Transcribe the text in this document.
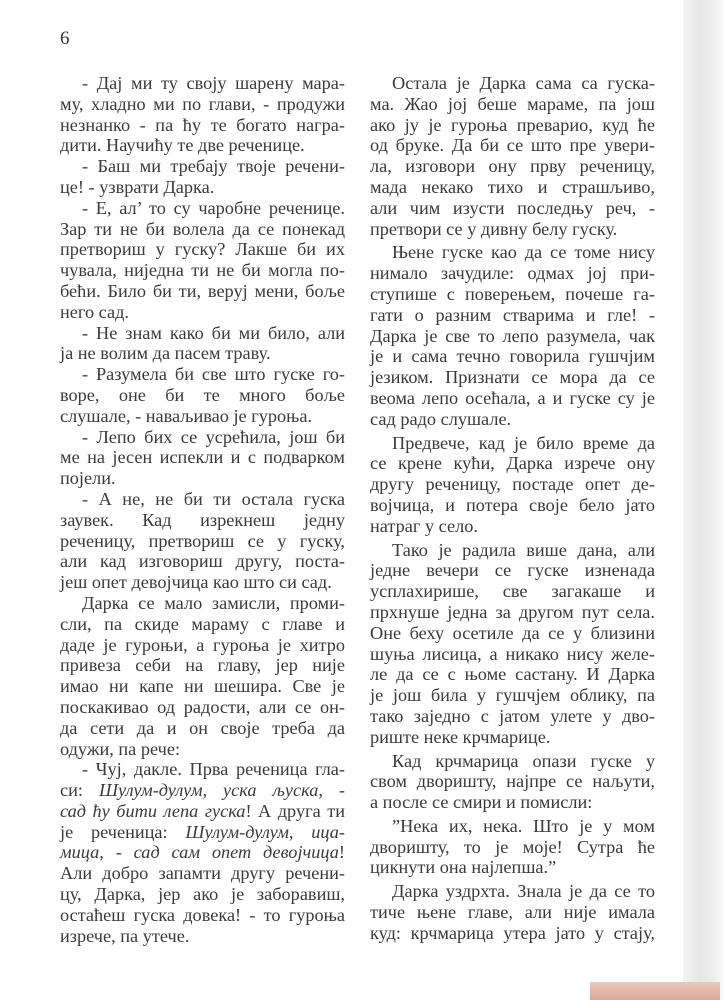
6
- Дај ми ту своју шарену мара-
му, хладно ми по глави, - продужи
незнанко - па ћу те богато награ-
дити. Научићу те две реченице.
- Баш ми требају твоје речени-
це! - узврати Дарка.
- Е, ал’ то су чаробне реченице.
Зар ти не би волела да се понекад
претвориш у гуску? Лакше би их
чувала, ниједна ти не би могла по-
бећи. Било би ти, веруј мени, боље
него сад.
- Не знам како би ми било, али
ја не волим да пасем траву.
- Разумела би све што гуске го-
воре, оне би те много боље
слушале, - наваљивао је гуроња.
- Лепо бих се усрећила, још би
ме на јесен испекли и с подварком
појели.
- А не, не би ти остала гуска
заувек. Кад изрекнеш једну
реченицу, претвориш се у гуску,
али кад изговориш другу, поста-
јеш опет девојчица као што си сад.
Дарка се мало замисли, проми-
сли, па скиде мараму с главе и
даде је гуроњи, а гуроња је хитро
привеза себи на главу, јер није
имао ни капе ни шешира. Све је
поскакивао од радости, али се он-
да сети да и он своје треба да
одужи, па рече:
- Чуј, дакле. Прва реченица гла-
си: Шулум-дулум, уска љуска, -
сад ћу бити лепа гуска! А друга ти
је реченица: Шулум-дулум, ица-
мица, - сад сам опет девојчица!
Али добро запамти другу речени-
цу, Дарка, јер ако је заборавиш,
остаћеш гуска довека! - то гуроња
изрече, па утече.
Остала је Дарка сама са гуска-
ма. Жао јој беше мараме, па још
ако ју је гуроња преварио, куд ће
од бруке. Да би се што пре увери-
ла, изговори ону прву реченицу,
мада некако тихо и страшљиво,
али чим изусти последњу реч, -
претвори се у дивну белу гуску.
Њене гуске као да се томе нису
нимало зачудиле: одмах јој при-
ступише с поверењем, почеше га-
гати о разним стварима и гле! -
Дарка је све то лепо разумела, чак
је и сама течно говорила гушчјим
језиком. Признати се мора да се
веома лепо осећала, а и гуске су је
сад радо слушале.
Предвече, кад је било време да
се крене кући, Дарка изрече ону
другу реченицу, постаде опет де-
војчица, и потера своје бело јато
натраг у село.
Тако је радила више дана, али
једне вечери се гуске изненада
усплахирише, све загакаше и
прхнуше једна за другом пут села.
Оне беху осетиле да се у близини
шуња лисица, а никако нису желе-
ле да се с њоме састану. И Дарка
је још била у гушчјем облику, па
тако заједно с јатом улете у дво-
риште неке крчмарице.
Кад крчмарица опази гуске у
свом дворишту, најпре се наљути,
а после се смири и помисли:
”Нека их, нека. Што је у мом
дворишту, то је моје! Сутра ће
цикнути она најлепша.”
Дарка уздрхта. Знала је да се то
тиче њене главе, али није имала
куд: крчмарица утера јато у стају,
